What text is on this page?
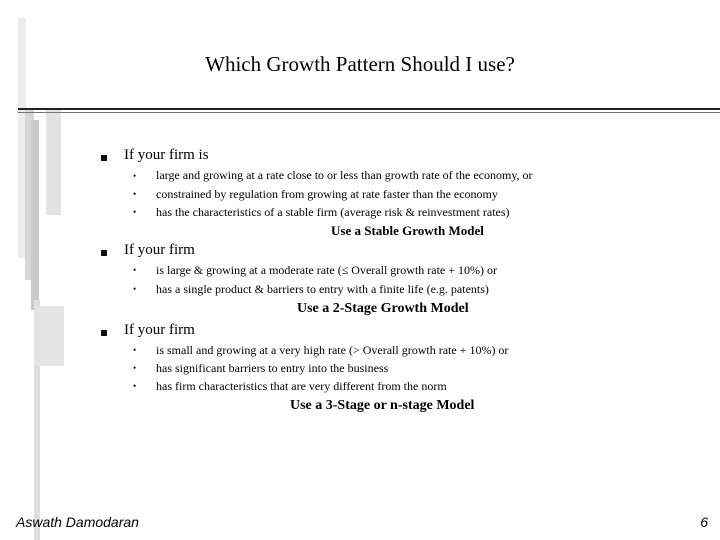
Which Growth Pattern Should I use?
If your firm is
• large and growing at a rate close to or less than growth rate of the economy, or
• constrained by regulation from growing at rate faster than the economy
• has the characteristics of a stable firm (average risk & reinvestment rates)
Use a Stable Growth Model
If your firm
• is large & growing at a moderate rate (≤ Overall growth rate + 10%) or
• has a single product & barriers to entry with a finite life (e.g. patents)
Use a 2-Stage Growth Model
If your firm
• is small and growing at a very high rate (> Overall growth rate + 10%) or
• has significant barriers to entry into the business
• has firm characteristics that are very different from the norm
Use a 3-Stage or n-stage Model
Aswath Damodaran	6
